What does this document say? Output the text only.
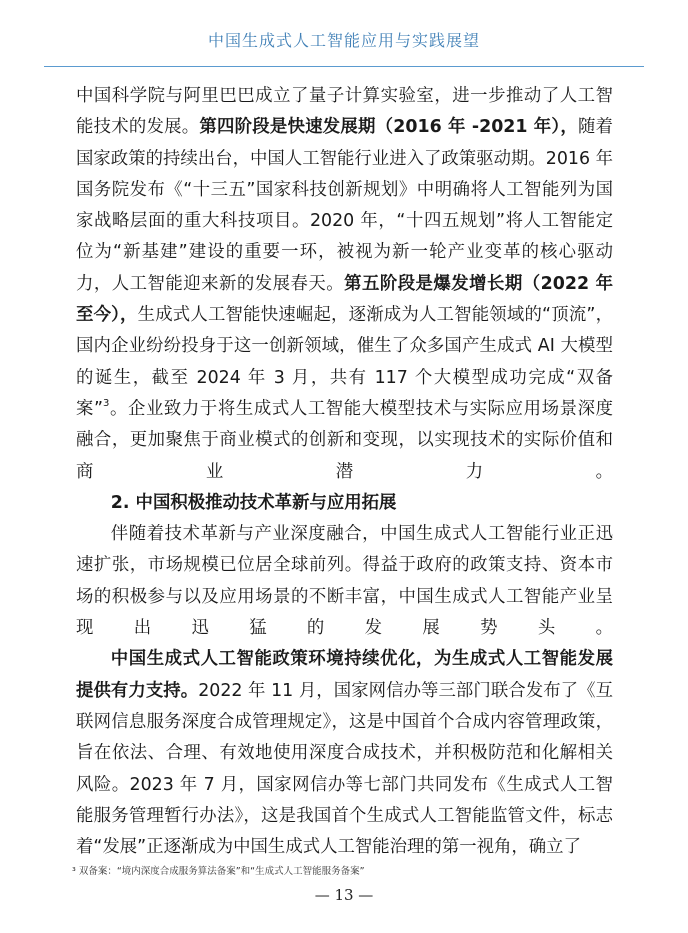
中国生成式人工智能应用与实践展望

中国科学院与阿里巴巴成立了量子计算实验室，进一步推动了人工智能技术的发展。第四阶段是快速发展期（2016 年 -2021 年），随着国家政策的持续出台，中国人工智能行业进入了政策驱动期。2016 年国务院发布《“十三五”国家科技创新规划》中明确将人工智能列为国家战略层面的重大科技项目。2020 年，“十四五规划”将人工智能定位为“新基建”建设的重要一环，被视为新一轮产业变革的核心驱动力，人工智能迎来新的发展春天。第五阶段是爆发增长期（2022 年至今），生成式人工智能快速崛起，逐渐成为人工智能领域的“顶流”，国内企业纷纷投身于这一创新领域，催生了众多国产生成式 AI 大模型的诞生，截至 2024 年 3 月，共有 117 个大模型成功完成“双备案”$^3$。企业致力于将生成式人工智能大模型技术与实际应用场景深度融合，更加聚焦于商业模式的创新和变现，以实现技术的实际价值和商业潜力。

2. 中国积极推动技术革新与应用拓展

伴随着技术革新与产业深度融合，中国生成式人工智能行业正迅速扩张，市场规模已位居全球前列。得益于政府的政策支持、资本市场的积极参与以及应用场景的不断丰富，中国生成式人工智能产业呈现出迅猛的发展势头。

中国生成式人工智能政策环境持续优化，为生成式人工智能发展提供有力支持。2022 年 11 月，国家网信办等三部门联合发布了《互联网信息服务深度合成管理规定》，这是中国首个合成内容管理政策，旨在依法、合理、有效地使用深度合成技术，并积极防范和化解相关风险。2023 年 7 月，国家网信办等七部门共同发布《生成式人工智能服务管理暂行办法》，这是我国首个生成式人工智能监管文件，标志着“发展”正逐渐成为中国生成式人工智能治理的第一视角，确立了

³ 双备案：“境内深度合成服务算法备案”和“生成式人工智能服务备案”
— 13 —
